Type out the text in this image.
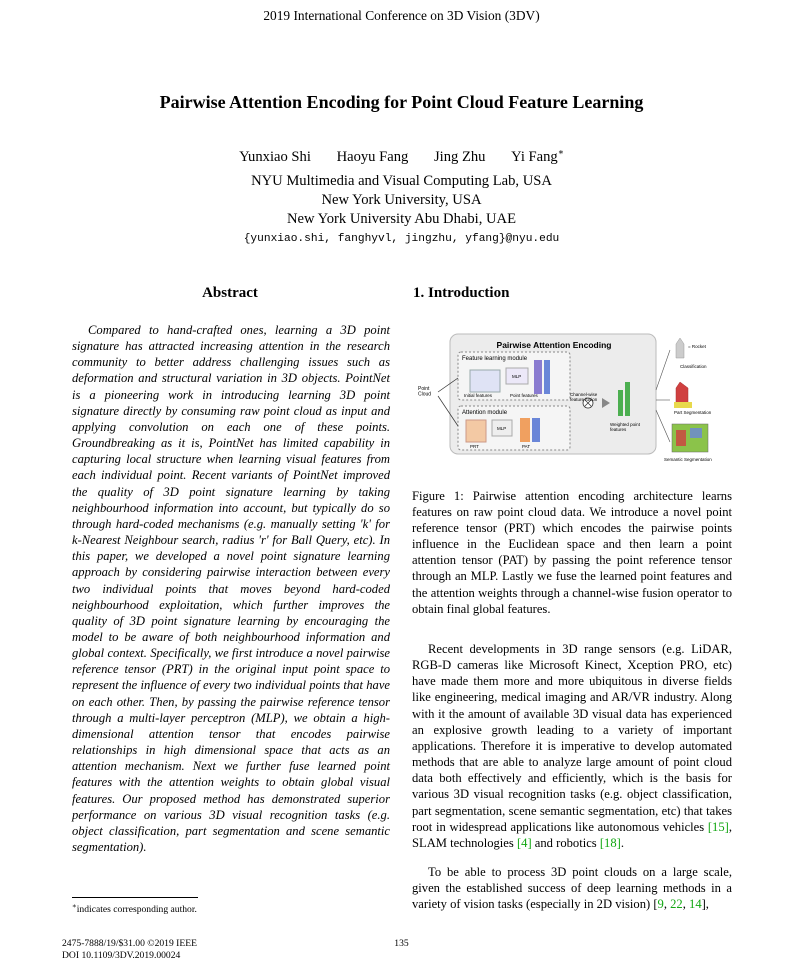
2019 International Conference on 3D Vision (3DV)
Pairwise Attention Encoding for Point Cloud Feature Learning
Yunxiao Shi Haoyu Fang Jing Zhu Yi Fang∗
NYU Multimedia and Visual Computing Lab, USA
New York University, USA
New York University Abu Dhabi, UAE
{yunxiao.shi, fanghyvl, jingzhu, yfang}@nyu.edu
Abstract	1. Introduction
Compared to hand-crafted ones, learning a 3D point signature has attracted increasing attention in the research community to better address challenging issues such as deformation and structural variation in 3D objects. PointNet is a pioneering work in introducing learning 3D point signature directly by consuming raw point cloud as input and applying convolution on each one of these points. Groundbreaking as it is, PointNet has limited capability in capturing local structure when learning visual features from each individual point. Recent variants of PointNet improved the quality of 3D point signature learning by taking neighbourhood information into account, but typically do so through hard-coded mechanisms (e.g. manually setting 'k' for k-Nearest Neighbour search, radius 'r' for Ball Query, etc). In this paper, we developed a novel point signature learning approach by considering pairwise interaction between every two individual points that moves beyond hard-coded neighbourhood exploitation, which further improves the quality of 3D point signature learning by encouraging the model to be aware of both neighbourhood information and global context. Specifically, we first introduce a novel pairwise reference tensor (PRT) in the original input point space to represent the influence of every two individual points that have on each other. Then, by passing the pairwise reference tensor through a multi-layer perceptron (MLP), we obtain a high-dimensional attention tensor that encodes pairwise relationships in high dimensional space that acts as an attention mechanism. Next we further fuse learned point features with the attention weights to obtain global visual features. Our proposed method has demonstrated superior performance on various 3D visual recognition tasks (e.g. object classification, part segmentation and scene semantic segmentation).
Pairwise Attention Encoding
Feature learning module
MLP
Initial features	Point features
Attention module
MLP
PRT	PAT
Point Cloud	Channel-wise feature fusion
Weighted point features
= Rocket
Classification
Part Segmentation
Semantic Segmentation
Figure 1: Pairwise attention encoding architecture learns features on raw point cloud data. We introduce a novel point reference tensor (PRT) which encodes the pairwise points influence in the Euclidean space and then learn a point attention tensor (PAT) by passing the point reference tensor through an MLP. Lastly we fuse the learned point features and the attention weights through a channel-wise fusion operator to obtain final global features.
Recent developments in 3D range sensors (e.g. LiDAR, RGB-D cameras like Microsoft Kinect, Xception PRO, etc) have made them more and more ubiquitous in diverse fields like engineering, medical imaging and AR/VR industry. Along with it the amount of available 3D visual data has experienced an explosive growth leading to a variety of important applications. Therefore it is imperative to develop automated methods that are able to analyze large amount of point cloud data both effectively and efficiently, which is the basis for various 3D visual recognition tasks (e.g. object classification, part segmentation, scene semantic segmentation, etc) that takes root in widespread applications like autonomous vehicles [15], SLAM technologies [4] and robotics [18].
To be able to process 3D point clouds on a large scale, given the established success of deep learning methods in a variety of vision tasks (especially in 2D vision) [9, 22, 14],
∗indicates corresponding author.
2475-7888/19/$31.00 ©2019 IEEE
DOI 10.1109/3DV.2019.00024
135
